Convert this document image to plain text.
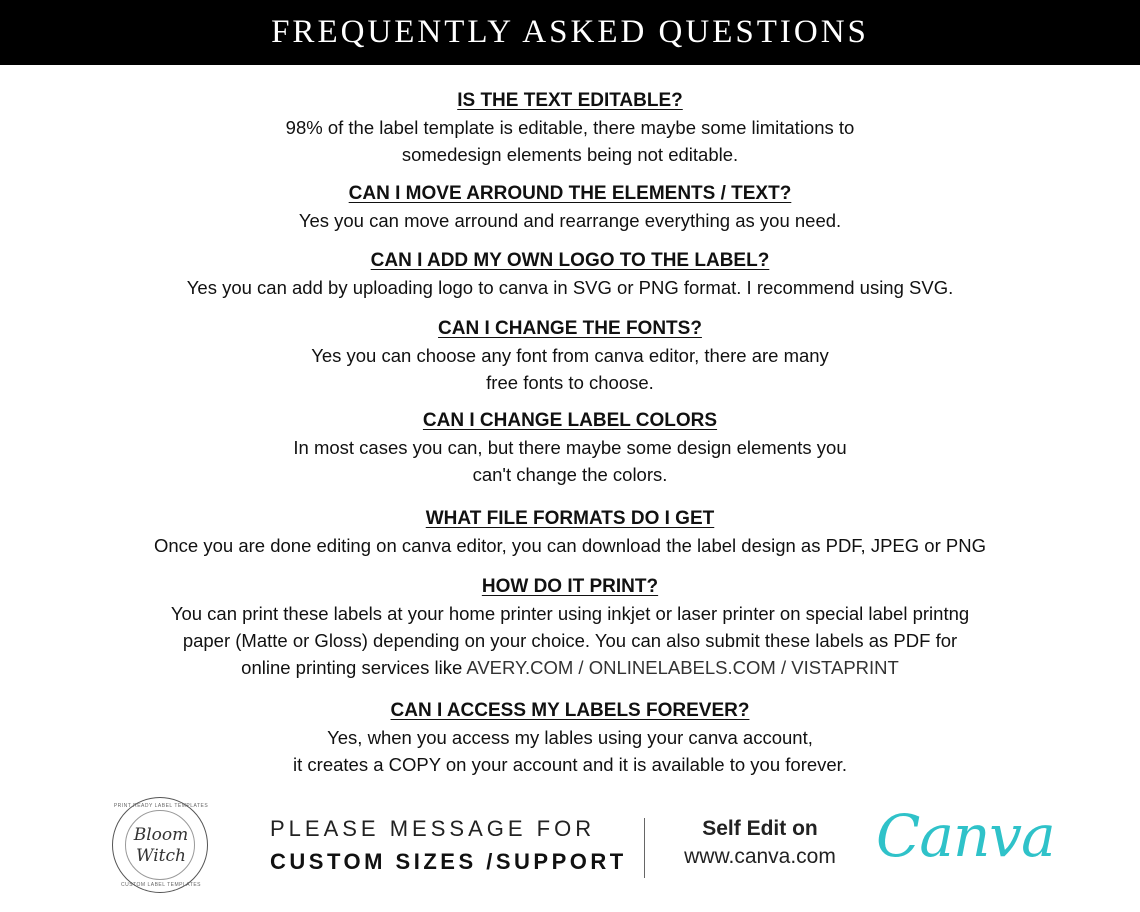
FREQUENTLY ASKED QUESTIONS
IS THE TEXT EDITABLE?
98% of the label template is editable, there maybe some limitations to
somedesign elements being not editable.
CAN I MOVE ARROUND THE ELEMENTS / TEXT?
Yes you can move arround and rearrange everything as you need.
CAN I ADD MY OWN LOGO TO THE LABEL?
Yes you can add by uploading logo to canva in SVG or PNG format. I recommend using SVG.
CAN I CHANGE THE FONTS?
Yes you can choose any font from canva editor, there are many
free fonts to choose.
CAN I CHANGE LABEL COLORS
In most cases you can, but there maybe some design elements you
can't change the colors.
WHAT FILE FORMATS DO I GET
Once you are done editing on canva editor, you can download the label design as PDF, JPEG or PNG
HOW DO IT PRINT?
You can print these labels at your home printer using inkjet or laser printer on special label printng
paper (Matte or Gloss) depending on your choice. You can also submit these labels as PDF for
online printing services like AVERY.COM / ONLINELABELS.COM / VISTAPRINT
CAN I ACCESS MY LABELS FOREVER?
Yes, when you access my lables using your canva account,
it creates a COPY on your account and it is available to you forever.
PRINT READY LABEL TEMPLATES
Bloom
Witch
CUSTOM LABEL TEMPLATES
PLEASE MESSAGE FOR
CUSTOM SIZES /SUPPORT
Self Edit on
www.canva.com Canva
